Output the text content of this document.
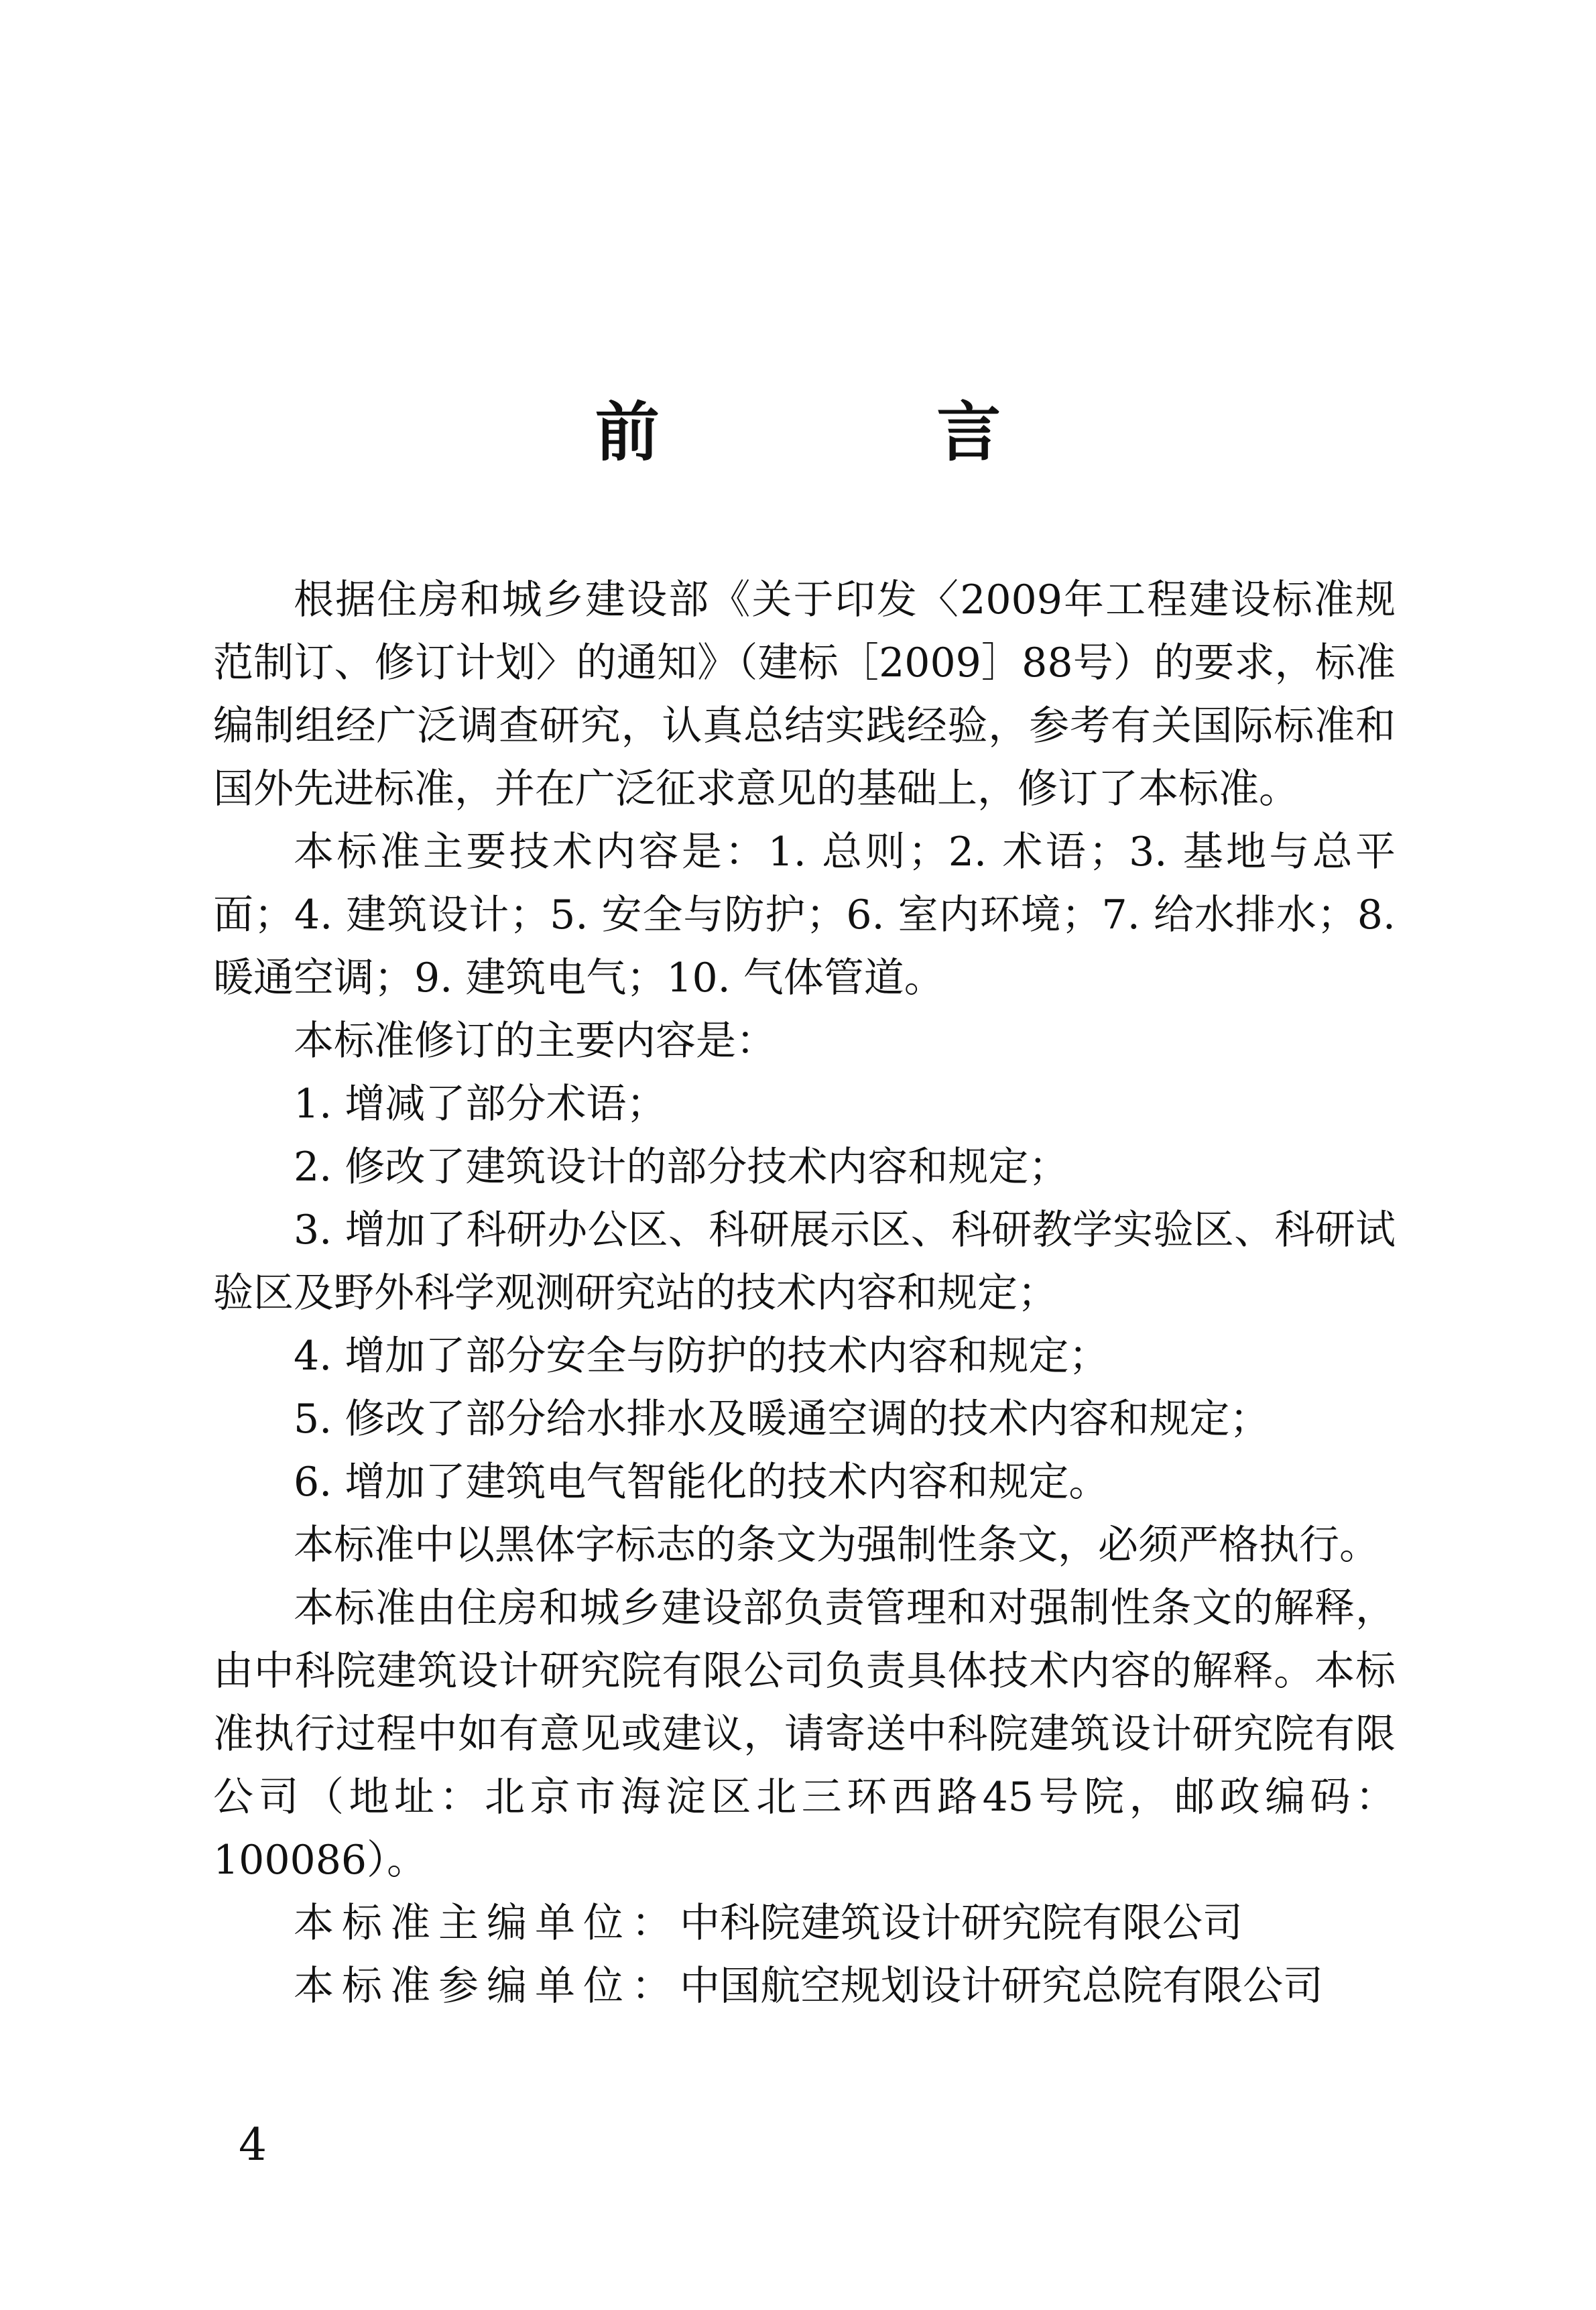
前 言

根据住房和城乡建设部《关于印发〈2009年工程建设标准规范制订、修订计划〉的通知》（建标［2009］88号）的要求，标准编制组经广泛调查研究，认真总结实践经验，参考有关国际标准和国外先进标准，并在广泛征求意见的基础上，修订了本标准。

本标准主要技术内容是：1. 总则；2. 术语；3. 基地与总平面；4. 建筑设计；5. 安全与防护；6. 室内环境；7. 给水排水；8. 暖通空调；9. 建筑电气；10. 气体管道。

本标准修订的主要内容是：

1. 增减了部分术语；

2. 修改了建筑设计的部分技术内容和规定；

3. 增加了科研办公区、科研展示区、科研教学实验区、科研试验区及野外科学观测研究站的技术内容和规定；

4. 增加了部分安全与防护的技术内容和规定；

5. 修改了部分给水排水及暖通空调的技术内容和规定；

6. 增加了建筑电气智能化的技术内容和规定。

本标准中以黑体字标志的条文为强制性条文，必须严格执行。

本标准由住房和城乡建设部负责管理和对强制性条文的解释，由中科院建筑设计研究院有限公司负责具体技术内容的解释。本标准执行过程中如有意见或建议，请寄送中科院建筑设计研究院有限公司（地址：北京市海淀区北三环西路45号院，邮政编码：100086）。

本标准主编单位：中科院建筑设计研究院有限公司

本标准参编单位：中国航空规划设计研究总院有限公司

4
